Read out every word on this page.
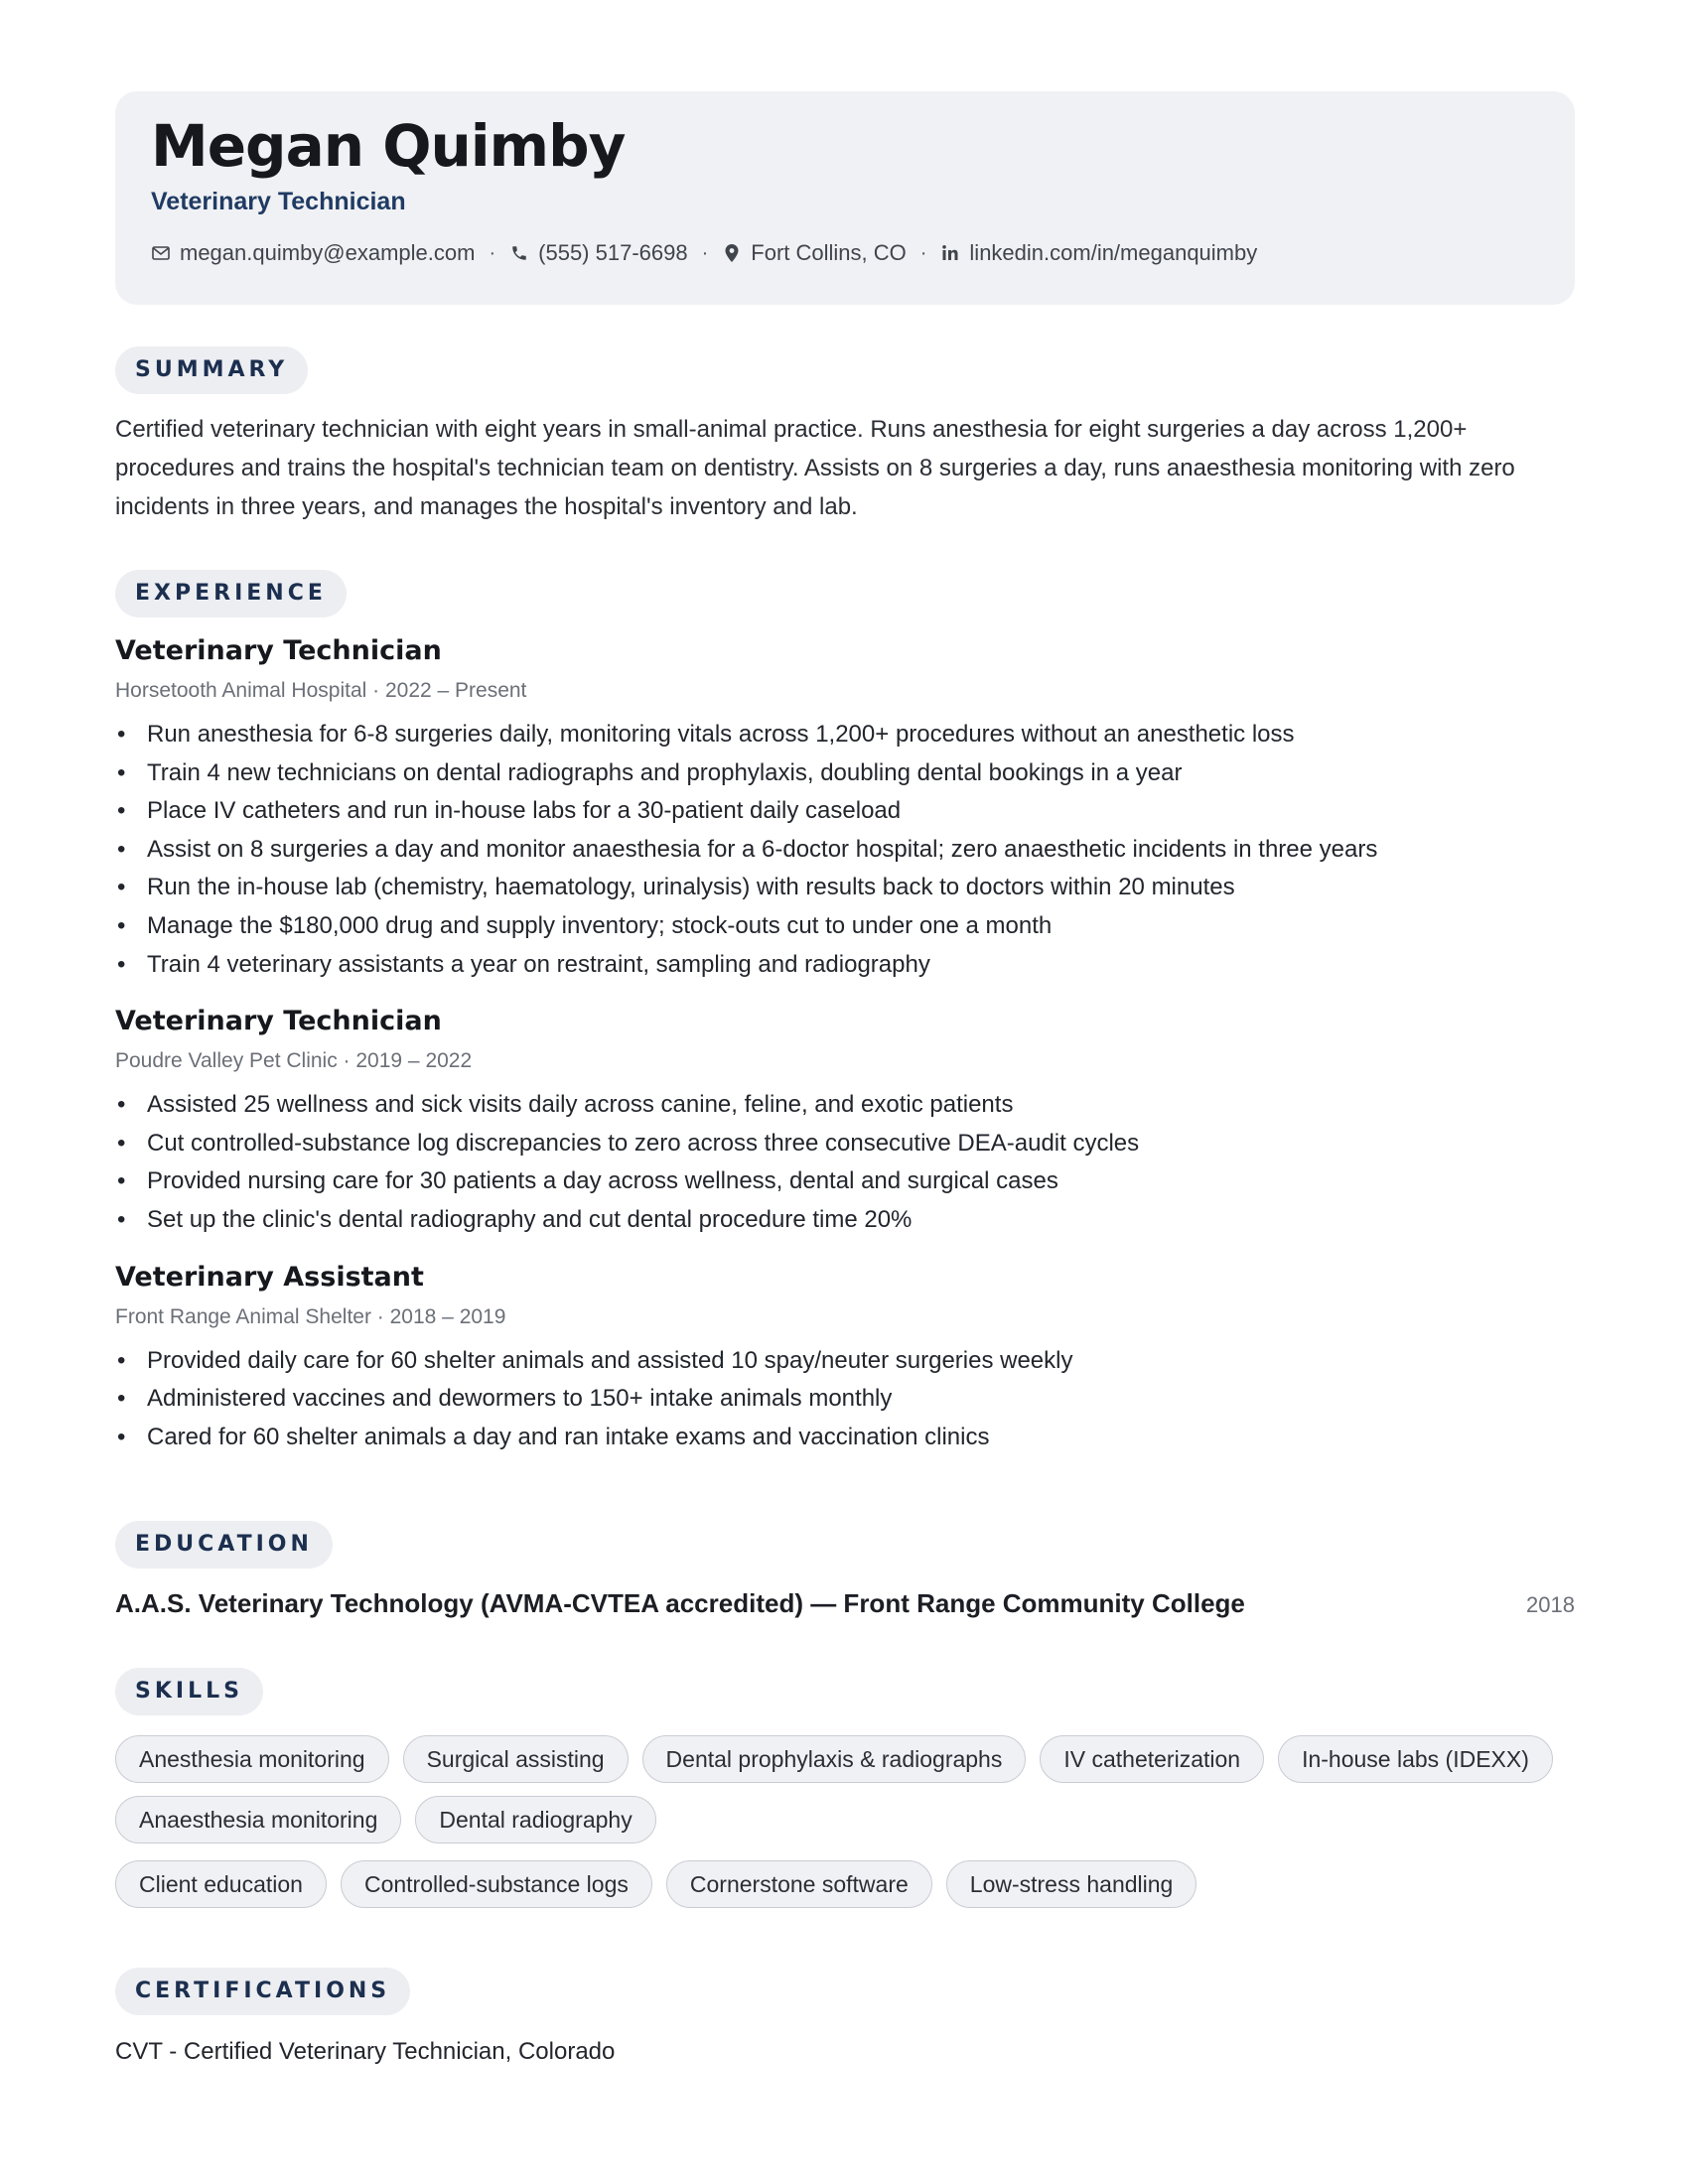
Megan Quimby
Veterinary Technician
megan.quimby@example.com · (555) 517-6698 · Fort Collins, CO · linkedin.com/in/meganquimby
SUMMARY
Certified veterinary technician with eight years in small-animal practice. Runs anesthesia for eight surgeries a day across 1,200+ procedures and trains the hospital's technician team on dentistry. Assists on 8 surgeries a day, runs anaesthesia monitoring with zero incidents in three years, and manages the hospital's inventory and lab.
EXPERIENCE
Veterinary Technician
Horsetooth Animal Hospital · 2022 – Present
• Run anesthesia for 6-8 surgeries daily, monitoring vitals across 1,200+ procedures without an anesthetic loss
• Train 4 new technicians on dental radiographs and prophylaxis, doubling dental bookings in a year
• Place IV catheters and run in-house labs for a 30-patient daily caseload
• Assist on 8 surgeries a day and monitor anaesthesia for a 6-doctor hospital; zero anaesthetic incidents in three years
• Run the in-house lab (chemistry, haematology, urinalysis) with results back to doctors within 20 minutes
• Manage the $180,000 drug and supply inventory; stock-outs cut to under one a month
• Train 4 veterinary assistants a year on restraint, sampling and radiography
Veterinary Technician
Poudre Valley Pet Clinic · 2019 – 2022
• Assisted 25 wellness and sick visits daily across canine, feline, and exotic patients
• Cut controlled-substance log discrepancies to zero across three consecutive DEA-audit cycles
• Provided nursing care for 30 patients a day across wellness, dental and surgical cases
• Set up the clinic's dental radiography and cut dental procedure time 20%
Veterinary Assistant
Front Range Animal Shelter · 2018 – 2019
• Provided daily care for 60 shelter animals and assisted 10 spay/neuter surgeries weekly
• Administered vaccines and dewormers to 150+ intake animals monthly
• Cared for 60 shelter animals a day and ran intake exams and vaccination clinics
EDUCATION
A.A.S. Veterinary Technology (AVMA-CVTEA accredited) — Front Range Community College	2018
SKILLS
Anesthesia monitoring	Surgical assisting	Dental prophylaxis & radiographs	IV catheterization	In-house labs (IDEXX)
Anaesthesia monitoring	Dental radiography
Client education	Controlled-substance logs	Cornerstone software	Low-stress handling
CERTIFICATIONS
CVT - Certified Veterinary Technician, Colorado
